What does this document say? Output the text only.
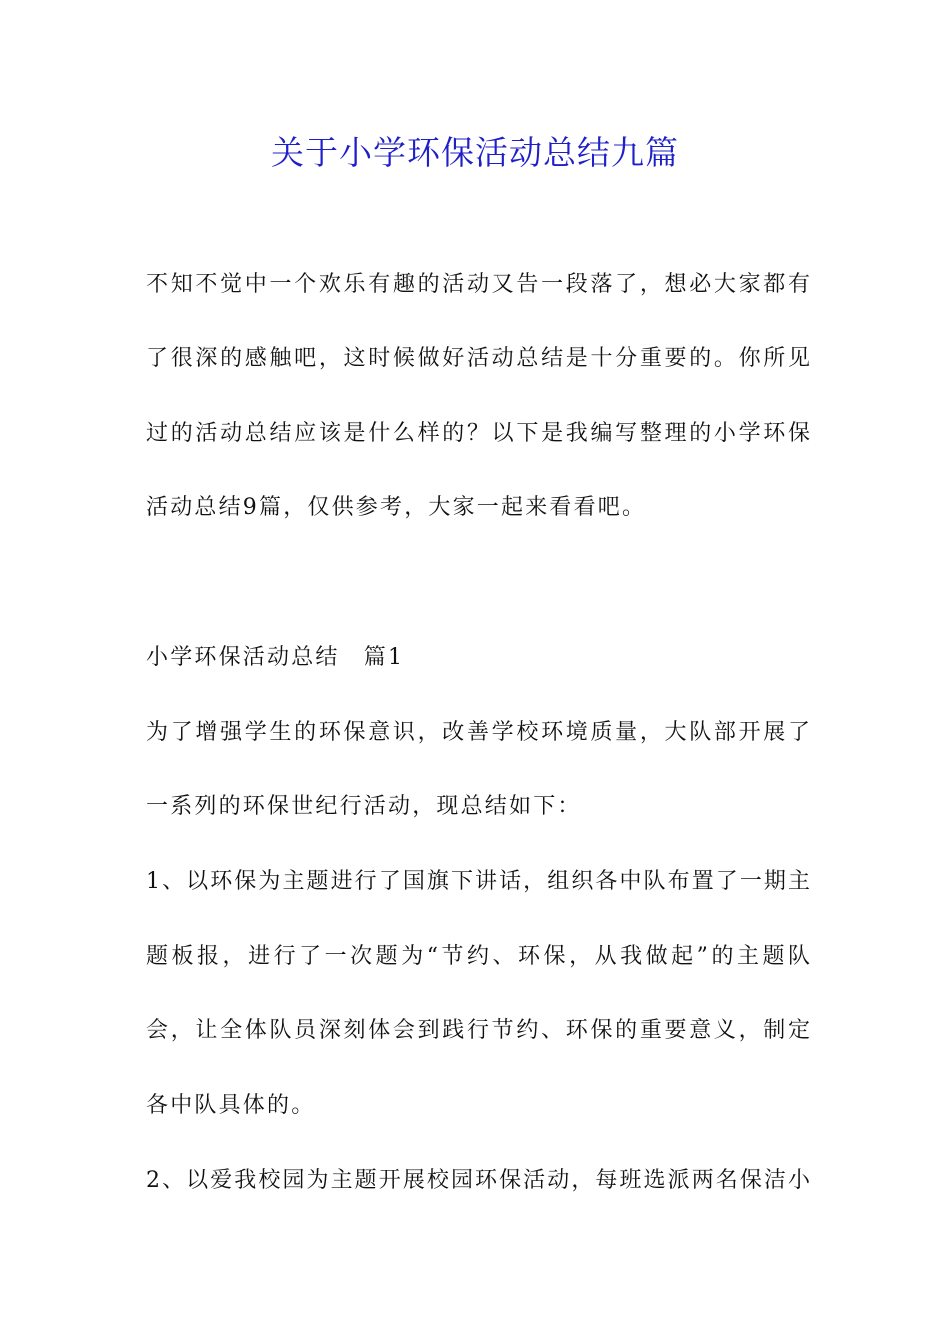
关于小学环保活动总结九篇
不知不觉中一个欢乐有趣的活动又告一段落了，想必大家都有
了很深的感触吧，这时候做好活动总结是十分重要的。你所见
过的活动总结应该是什么样的？以下是我编写整理的小学环保
活动总结9篇，仅供参考，大家一起来看看吧。
小学环保活动总结　篇1
为了增强学生的环保意识，改善学校环境质量，大队部开展了
一系列的环保世纪行活动，现总结如下：
1、以环保为主题进行了国旗下讲话，组织各中队布置了一期主
题板报，进行了一次题为“节约、环保，从我做起”的主题队
会，让全体队员深刻体会到践行节约、环保的重要意义，制定
各中队具体的。
2、以爱我校园为主题开展校园环保活动，每班选派两名保洁小
